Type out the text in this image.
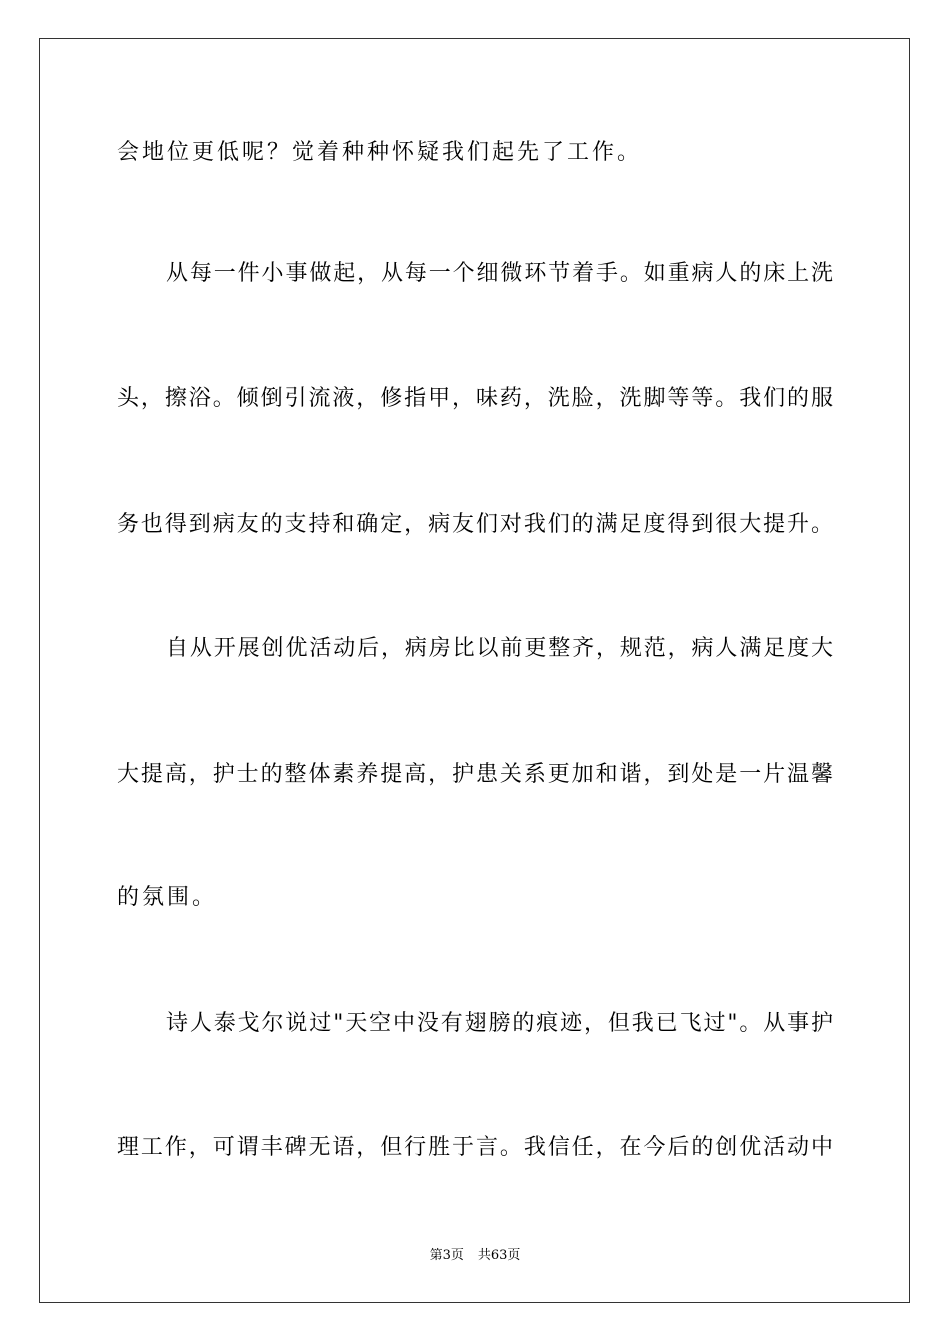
会地位更低呢？觉着种种怀疑我们起先了工作。
从每一件小事做起，从每一个细微环节着手。如重病人的床上洗
头，擦浴。倾倒引流液，修指甲，味药，洗脸，洗脚等等。我们的服
务也得到病友的支持和确定，病友们对我们的满足度得到很大提升。
自从开展创优活动后，病房比以前更整齐，规范，病人满足度大
大提高，护士的整体素养提高，护患关系更加和谐，到处是一片温馨
的氛围。
诗人泰戈尔说过"天空中没有翅膀的痕迹，但我已飞过"。从事护
理工作，可谓丰碑无语，但行胜于言。我信任，在今后的创优活动中
第3页 共63页
